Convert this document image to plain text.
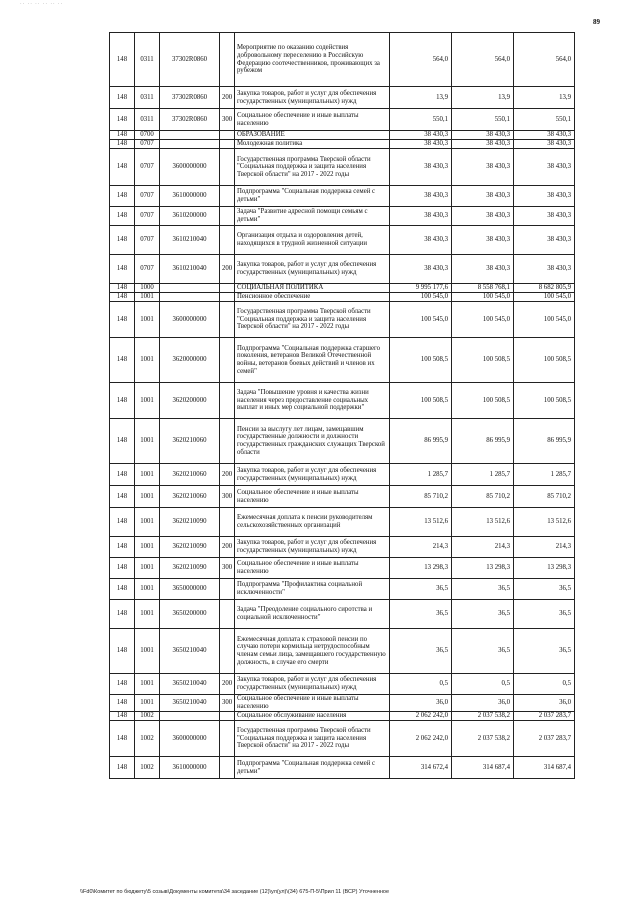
·· ·· ·· ·· ·· ··
89
148	0311	37302R0860		Мероприятие по оказанию содействия добровольному переселению в Российскую Федерацию соотечественников, проживающих за рубежом	564,0	564,0	564,0
148	0311	37302R0860	200	Закупка товаров, работ и услуг для обеспечения государственных (муниципальных) нужд	13,9	13,9	13,9
148	0311	37302R0860	300	Социальное обеспечение и иные выплаты населению	550,1	550,1	550,1
148	0700			ОБРАЗОВАНИЕ	38 430,3	38 430,3	38 430,3
148	0707			Молодежная политика	38 430,3	38 430,3	38 430,3
148	0707	3600000000		Государственная программа Тверской области "Социальная поддержка и защита населения Тверской области" на 2017 - 2022 годы	38 430,3	38 430,3	38 430,3
148	0707	3610000000		Подпрограмма "Социальная поддержка семей с детьми"	38 430,3	38 430,3	38 430,3
148	0707	3610200000		Задача "Развитие адресной помощи семьям с детьми"	38 430,3	38 430,3	38 430,3
148	0707	3610210040		Организация отдыха и оздоровления детей, находящихся в трудной жизненной ситуации	38 430,3	38 430,3	38 430,3
148	0707	3610210040	200	Закупка товаров, работ и услуг для обеспечения государственных (муниципальных) нужд	38 430,3	38 430,3	38 430,3
148	1000			СОЦИАЛЬНАЯ ПОЛИТИКА	9 995 177,6	8 558 768,1	8 682 805,9
148	1001			Пенсионное обеспечение	100 545,0	100 545,0	100 545,0
148	1001	3600000000		Государственная программа Тверской области "Социальная поддержка и защита населения Тверской области" на 2017 - 2022 годы	100 545,0	100 545,0	100 545,0
148	1001	3620000000		Подпрограмма "Социальная поддержка старшего поколения, ветеранов Великой Отечественной войны, ветеранов боевых действий и членов их семей"	100 508,5	100 508,5	100 508,5
148	1001	3620200000		Задача "Повышение уровня и качества жизни населения через предоставление социальных выплат и иных мер социальной поддержки"	100 508,5	100 508,5	100 508,5
148	1001	3620210060		Пенсии за выслугу лет лицам, замещавшим государственные должности и должности государственных гражданских служащих Тверской области	86 995,9	86 995,9	86 995,9
148	1001	3620210060	200	Закупка товаров, работ и услуг для обеспечения государственных (муниципальных) нужд	1 285,7	1 285,7	1 285,7
148	1001	3620210060	300	Социальное обеспечение и иные выплаты населению	85 710,2	85 710,2	85 710,2
148	1001	3620210090		Ежемесячная доплата к пенсии руководителям сельскохозяйственных организаций	13 512,6	13 512,6	13 512,6
148	1001	3620210090	200	Закупка товаров, работ и услуг для обеспечения государственных (муниципальных) нужд	214,3	214,3	214,3
148	1001	3620210090	300	Социальное обеспечение и иные выплаты населению	13 298,3	13 298,3	13 298,3
148	1001	3650000000		Подпрограмма "Профилактика социальной исключенности"	36,5	36,5	36,5
148	1001	3650200000		Задача "Преодоление социального сиротства и социальной исключенности"	36,5	36,5	36,5
148	1001	3650210040		Ежемесячная доплата к страховой пенсии по случаю потери кормильца нетрудоспособным членам семьи лица, замещавшего государственную должность, в случае его смерти	36,5	36,5	36,5
148	1001	3650210040	200	Закупка товаров, работ и услуг для обеспечения государственных (муниципальных) нужд	0,5	0,5	0,5
148	1001	3650210040	300	Социальное обеспечение и иные выплаты населению	36,0	36,0	36,0
148	1002			Социальное обслуживание населения	2 062 242,0	2 037 538,2	2 037 283,7
148	1002	3600000000		Государственная программа Тверской области "Социальная поддержка и защита населения Тверской области" на 2017 - 2022 годы	2 062 242,0	2 037 538,2	2 037 283,7
148	1002	3610000000		Подпрограмма "Социальная поддержка семей с детьми"	314 672,4	314 687,4	314 687,4
\\Fd0\Комитет по бюджету\5 созыв\Документы комитета\34 заседание (12)\ул(ул)\(34) 675-П-5\Прил 11 (ВСР) Уточненное
